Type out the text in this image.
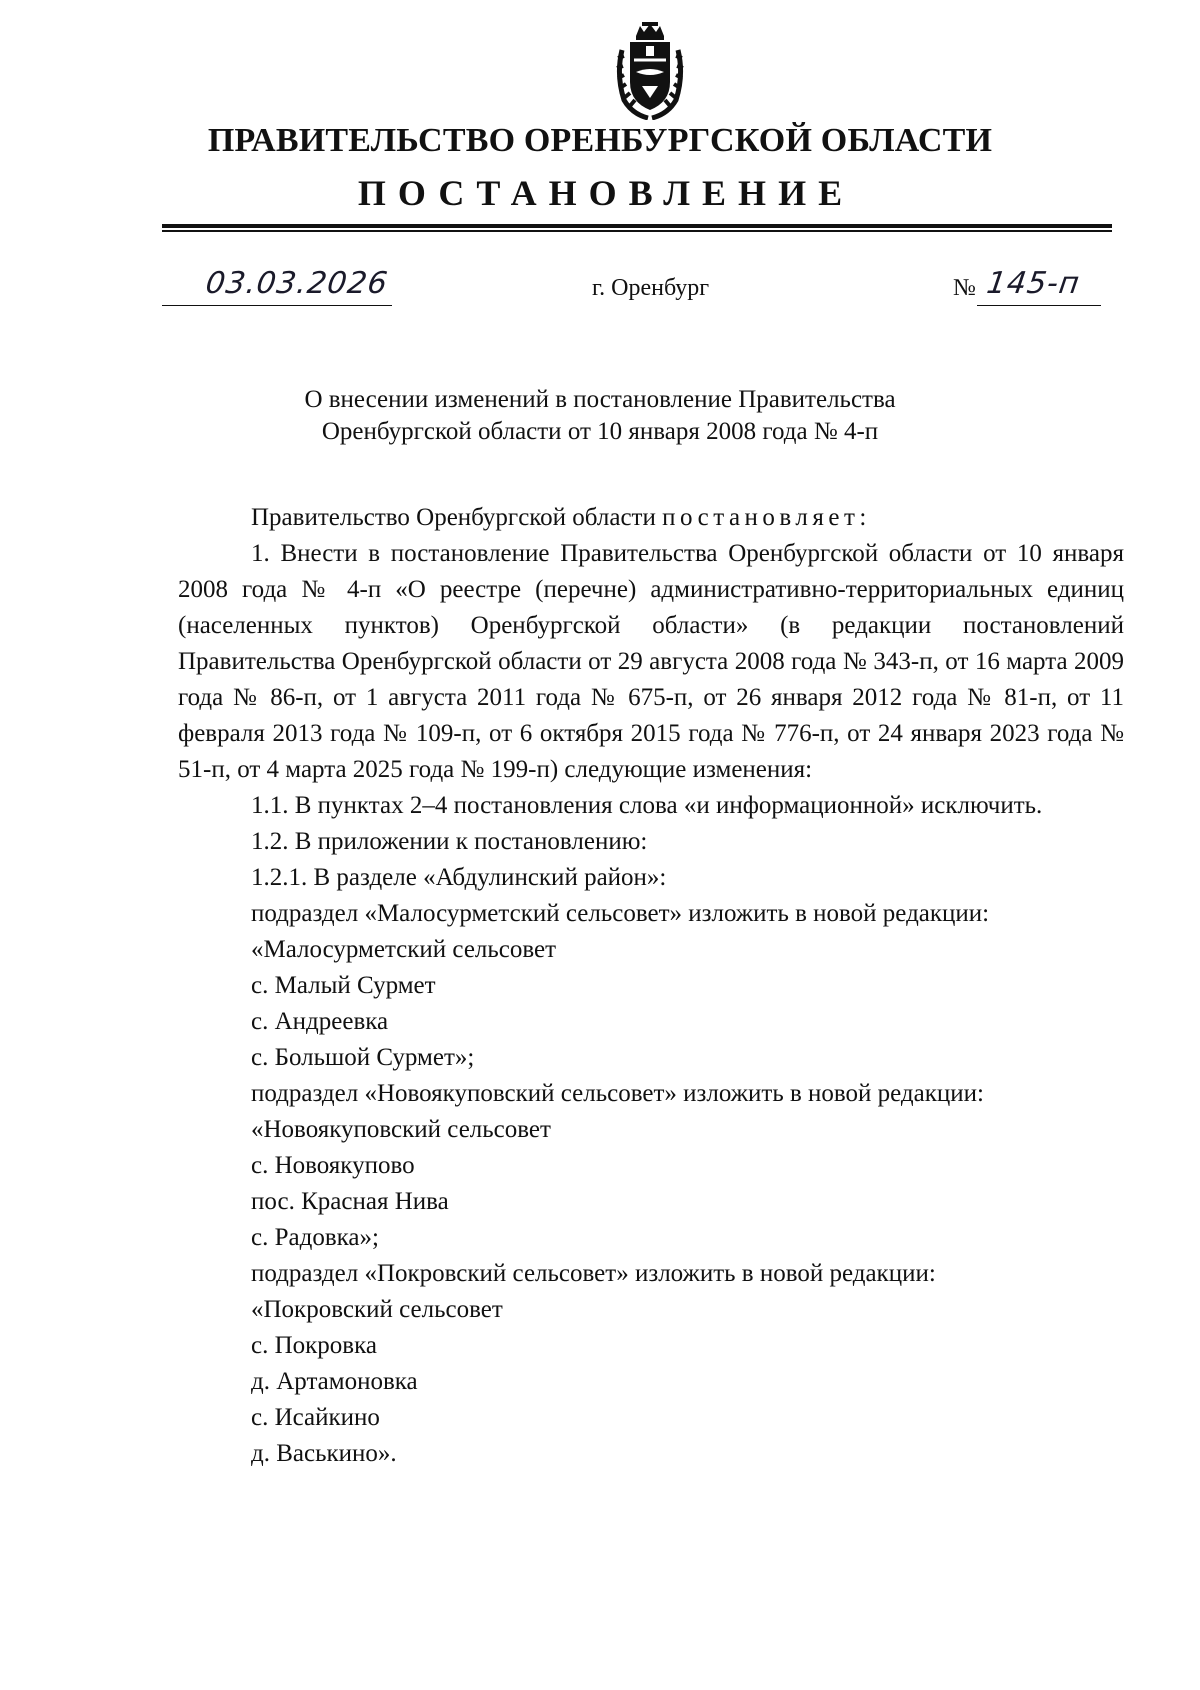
ПРАВИТЕЛЬСТВО ОРЕНБУРГСКОЙ ОБЛАСТИ
ПОСТАНОВЛЕНИЕ
03.03.2026	г. Оренбург	№ 145-п
О внесении изменений в постановление Правительства
Оренбургской области от 10 января 2008 года № 4-п

Правительство Оренбургской области постановляет:

1. Внести в постановление Правительства Оренбургской области от 10 января 2008 года № 4-п «О реестре (перечне) административно-территориальных единиц (населенных пунктов) Оренбургской области» (в редакции постановлений Правительства Оренбургской области от 29 августа 2008 года № 343-п, от 16 марта 2009 года № 86-п, от 1 августа 2011 года № 675-п, от 26 января 2012 года № 81-п, от 11 февраля 2013 года № 109-п, от 6 октября 2015 года № 776-п, от 24 января 2023 года № 51-п, от 4 марта 2025 года № 199-п) следующие изменения:

1.1. В пунктах 2–4 постановления слова «и информационной» исключить.

1.2. В приложении к постановлению:

1.2.1. В разделе «Абдулинский район»:

подраздел «Малосурметский сельсовет» изложить в новой редакции:

«Малосурметский сельсовет

с. Малый Сурмет

с. Андреевка

с. Большой Сурмет»;

подраздел «Новоякуповский сельсовет» изложить в новой редакции:

«Новоякуповский сельсовет

с. Новоякупово

пос. Красная Нива

с. Радовка»;

подраздел «Покровский сельсовет» изложить в новой редакции:

«Покровский сельсовет

с. Покровка

д. Артамоновка

с. Исайкино

д. Васькино».
